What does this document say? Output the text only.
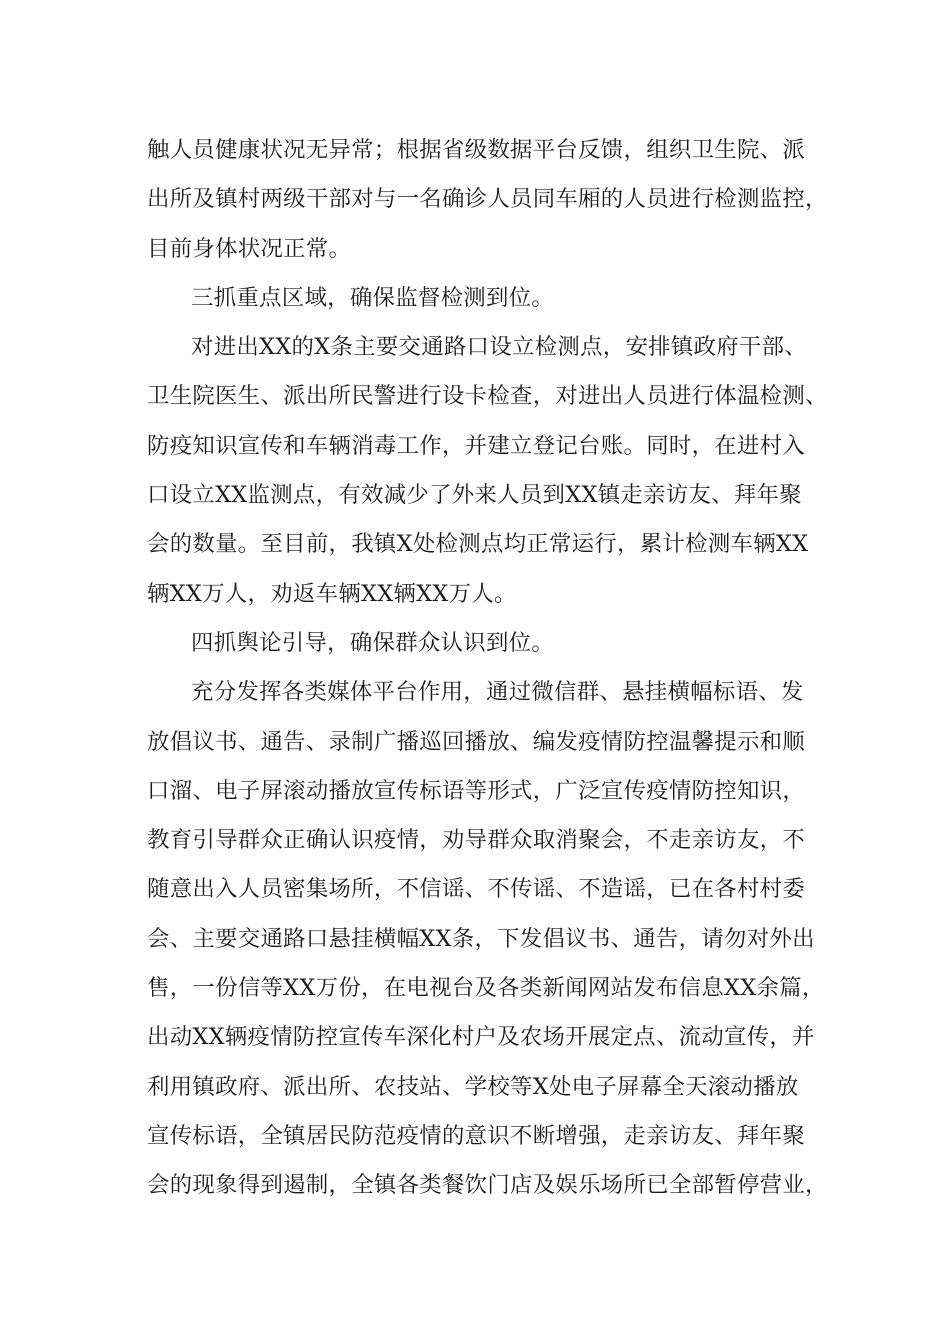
触人员健康状况无异常；根据省级数据平台反馈，组织卫生院、派
出所及镇村两级干部对与一名确诊人员同车厢的人员进行检测监控，
目前身体状况正常。
三抓重点区域，确保监督检测到位。
对进出XX的X条主要交通路口设立检测点，安排镇政府干部、
卫生院医生、派出所民警进行设卡检查，对进出人员进行体温检测、
防疫知识宣传和车辆消毒工作，并建立登记台账。同时，在进村入
口设立XX监测点，有效减少了外来人员到XX镇走亲访友、拜年聚
会的数量。至目前，我镇X处检测点均正常运行，累计检测车辆XX
辆XX万人，劝返车辆XX辆XX万人。
四抓舆论引导，确保群众认识到位。
充分发挥各类媒体平台作用，通过微信群、悬挂横幅标语、发
放倡议书、通告、录制广播巡回播放、编发疫情防控温馨提示和顺
口溜、电子屏滚动播放宣传标语等形式，广泛宣传疫情防控知识，
教育引导群众正确认识疫情，劝导群众取消聚会，不走亲访友，不
随意出入人员密集场所，不信谣、不传谣、不造谣，已在各村村委
会、主要交通路口悬挂横幅XX条，下发倡议书、通告，请勿对外出
售，一份信等XX万份，在电视台及各类新闻网站发布信息XX余篇，
出动XX辆疫情防控宣传车深化村户及农场开展定点、流动宣传，并
利用镇政府、派出所、农技站、学校等X处电子屏幕全天滚动播放
宣传标语，全镇居民防范疫情的意识不断增强，走亲访友、拜年聚
会的现象得到遏制，全镇各类餐饮门店及娱乐场所已全部暂停营业，
